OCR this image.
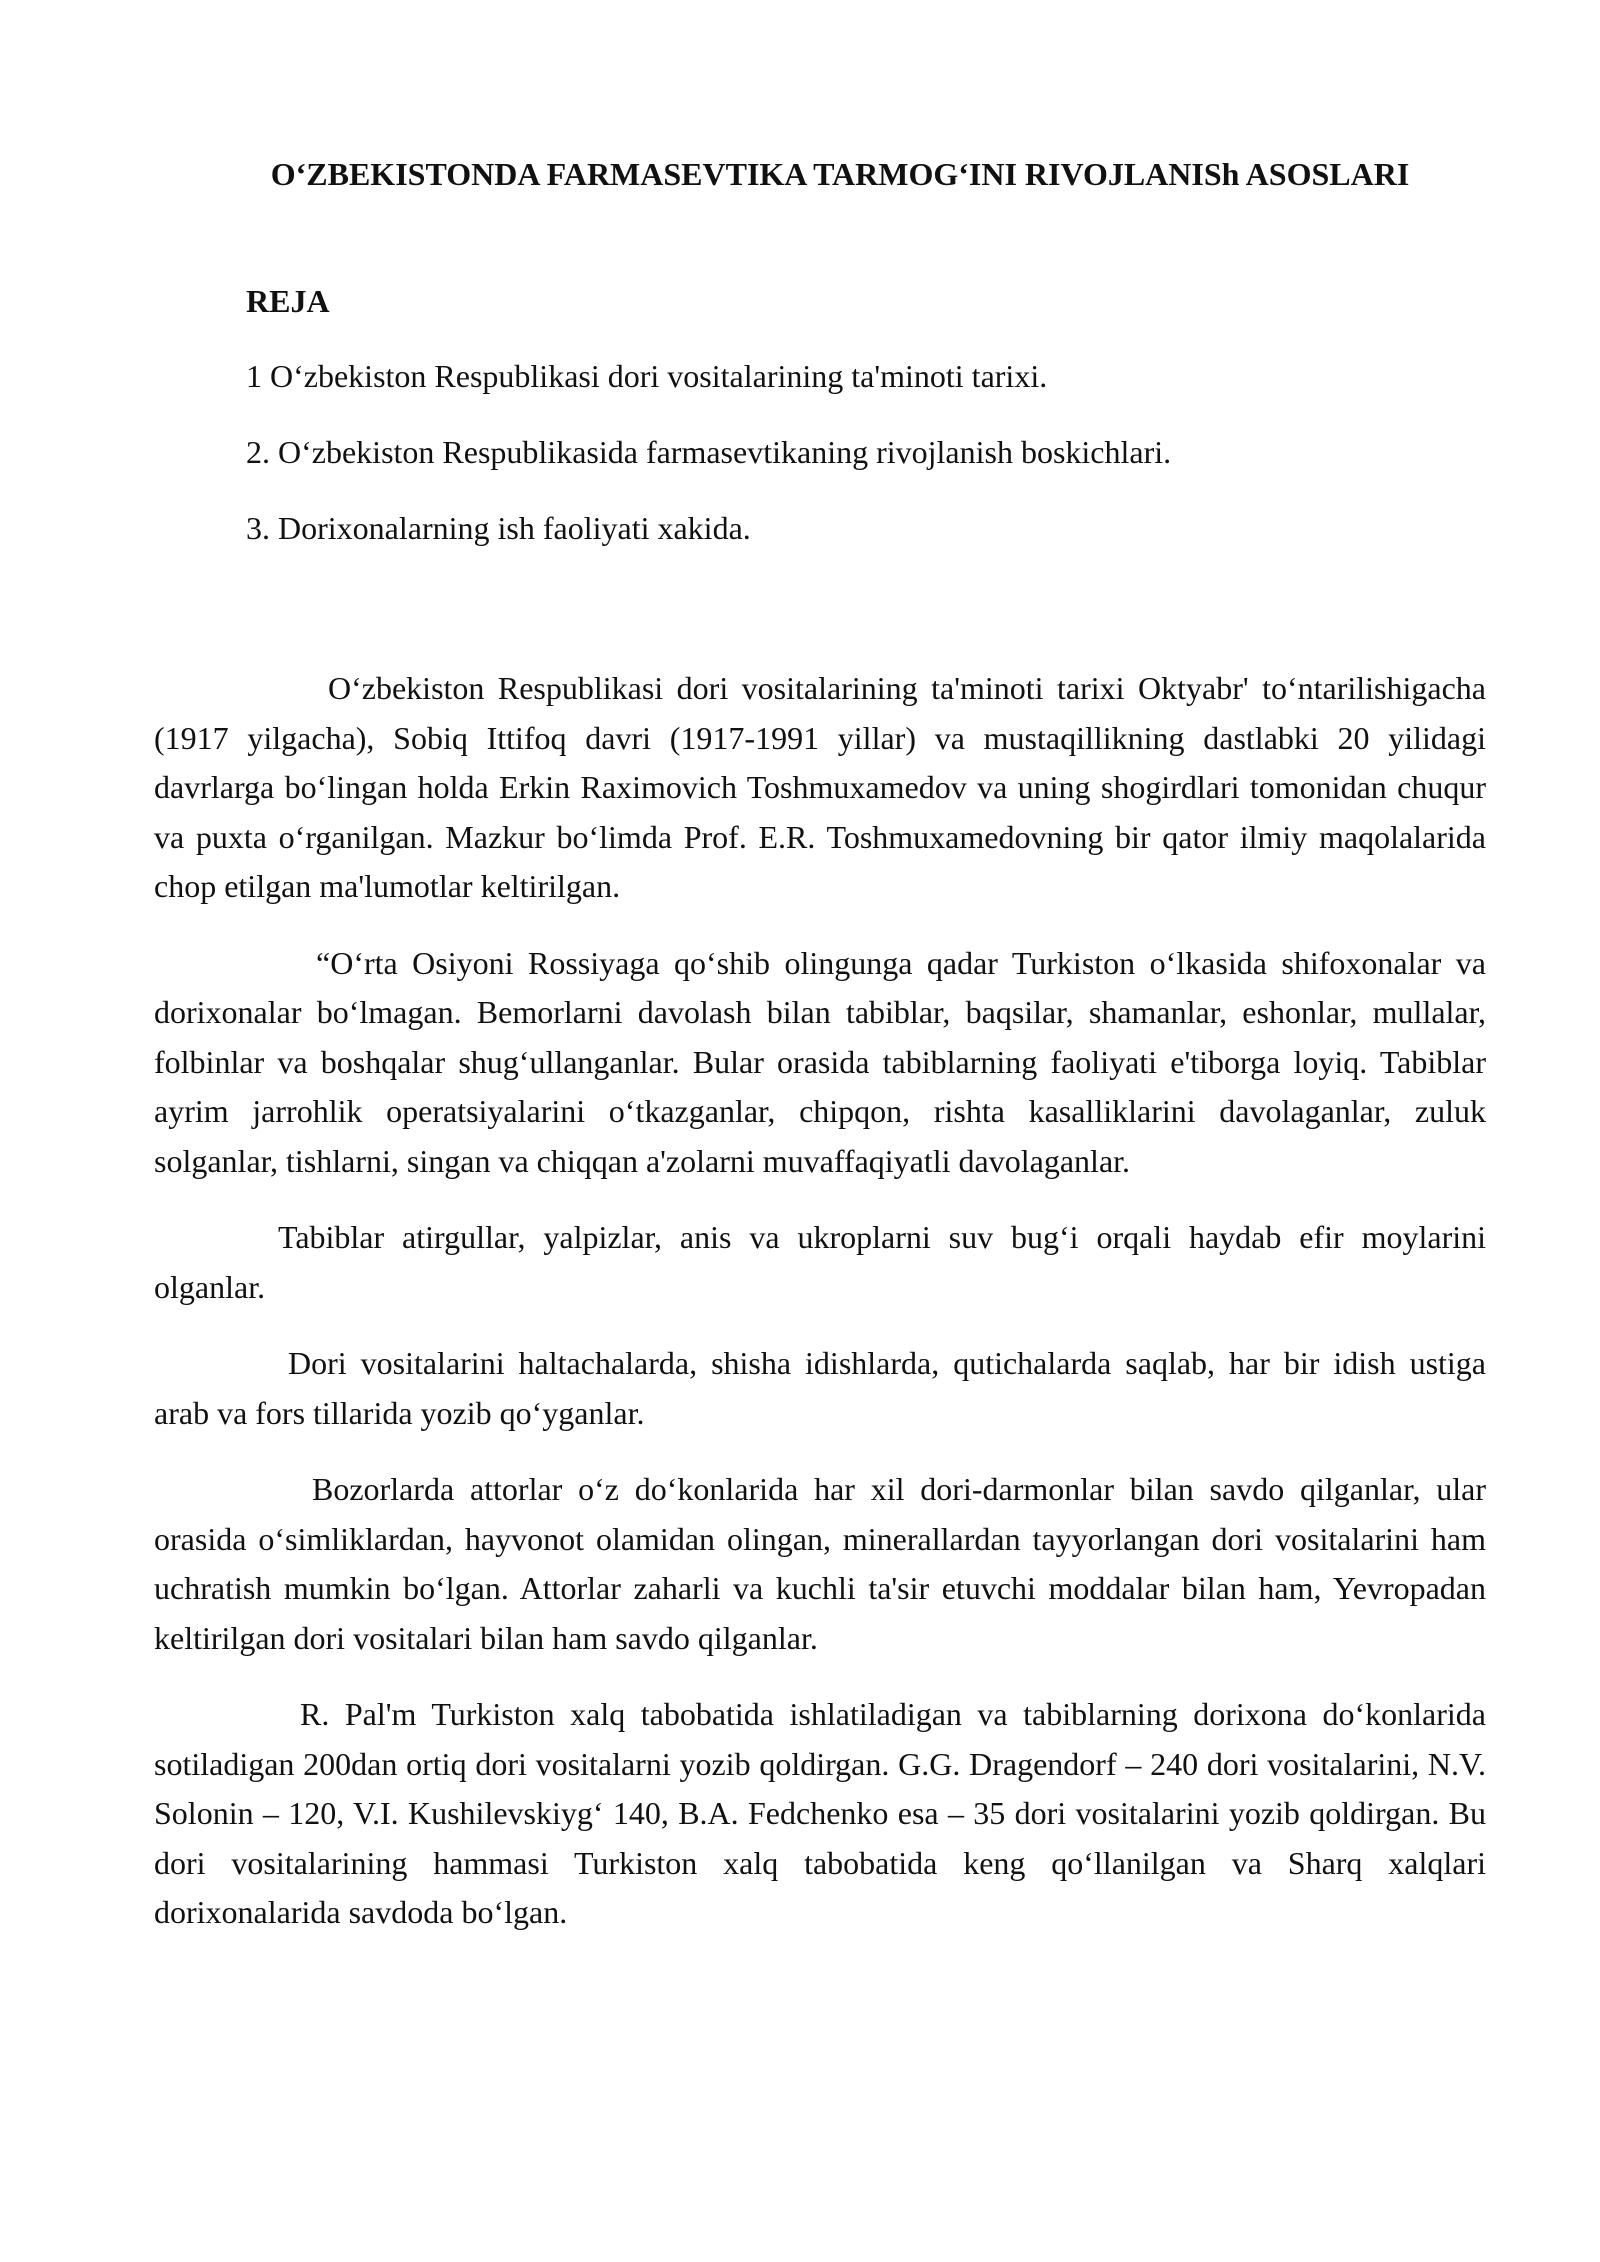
O‘ZBEKISTONDA FARMASEVTIKA TARMOG‘INI RIVOJLANISh ASOSLARI
REJA
1 O‘zbekiston Respublikasi dori vositalarining ta'minoti tarixi.
2. O‘zbekiston Respublikasida farmasevtikaning rivojlanish boskichlari.
3. Dorixonalarning ish faoliyati xakida.

O‘zbekiston Respublikasi dori vositalarining ta'minoti tarixi Oktyabr' to‘ntarilishigacha (1917 yilgacha), Sobiq Ittifoq davri (1917-1991 yillar) va mustaqillikning dastlabki 20 yilidagi davrlarga bo‘lingan holda Erkin Raximovich Toshmuxamedov va uning shogirdlari tomonidan chuqur va puxta o‘rganilgan. Mazkur bo‘limda Prof. E.R. Toshmuxamedovning bir qator ilmiy maqolalarida chop etilgan ma'lumotlar keltirilgan.

“O‘rta Osiyoni Rossiyaga qo‘shib olingunga qadar Turkiston o‘lkasida shifoxonalar va dorixonalar bo‘lmagan. Bemorlarni davolash bilan tabiblar, baqsilar, shamanlar, eshonlar, mullalar, folbinlar va boshqalar shug‘ullanganlar. Bular orasida tabiblarning faoliyati e'tiborga loyiq. Tabiblar ayrim jarrohlik operatsiyalarini o‘tkazganlar, chipqon, rishta kasalliklarini davolaganlar, zuluk solganlar, tishlarni, singan va chiqqan a'zolarni muvaffaqiyatli davolaganlar.

Tabiblar atirgullar, yalpizlar, anis va ukroplarni suv bug‘i orqali haydab efir moylarini olganlar.

Dori vositalarini haltachalarda, shisha idishlarda, qutichalarda saqlab, har bir idish ustiga arab va fors tillarida yozib qo‘yganlar.

Bozorlarda attorlar o‘z do‘konlarida har xil dori-darmonlar bilan savdo qilganlar, ular orasida o‘simliklardan, hayvonot olamidan olingan, minerallardan tayyorlangan dori vositalarini ham uchratish mumkin bo‘lgan. Attorlar zaharli va kuchli ta'sir etuvchi moddalar bilan ham, Yevropadan keltirilgan dori vositalari bilan ham savdo qilganlar.

R. Pal'm Turkiston xalq tabobatida ishlatiladigan va tabiblarning dorixona do‘konlarida sotiladigan 200dan ortiq dori vositalarni yozib qoldirgan. G.G. Dragendorf – 240 dori vositalarini, N.V. Solonin – 120, V.I. Kushilevskiyg‘ 140, B.A. Fedchenko esa – 35 dori vositalarini yozib qoldirgan. Bu dori vositalarining hammasi Turkiston xalq tabobatida keng qo‘llanilgan va Sharq xalqlari dorixonalarida savdoda bo‘lgan.
